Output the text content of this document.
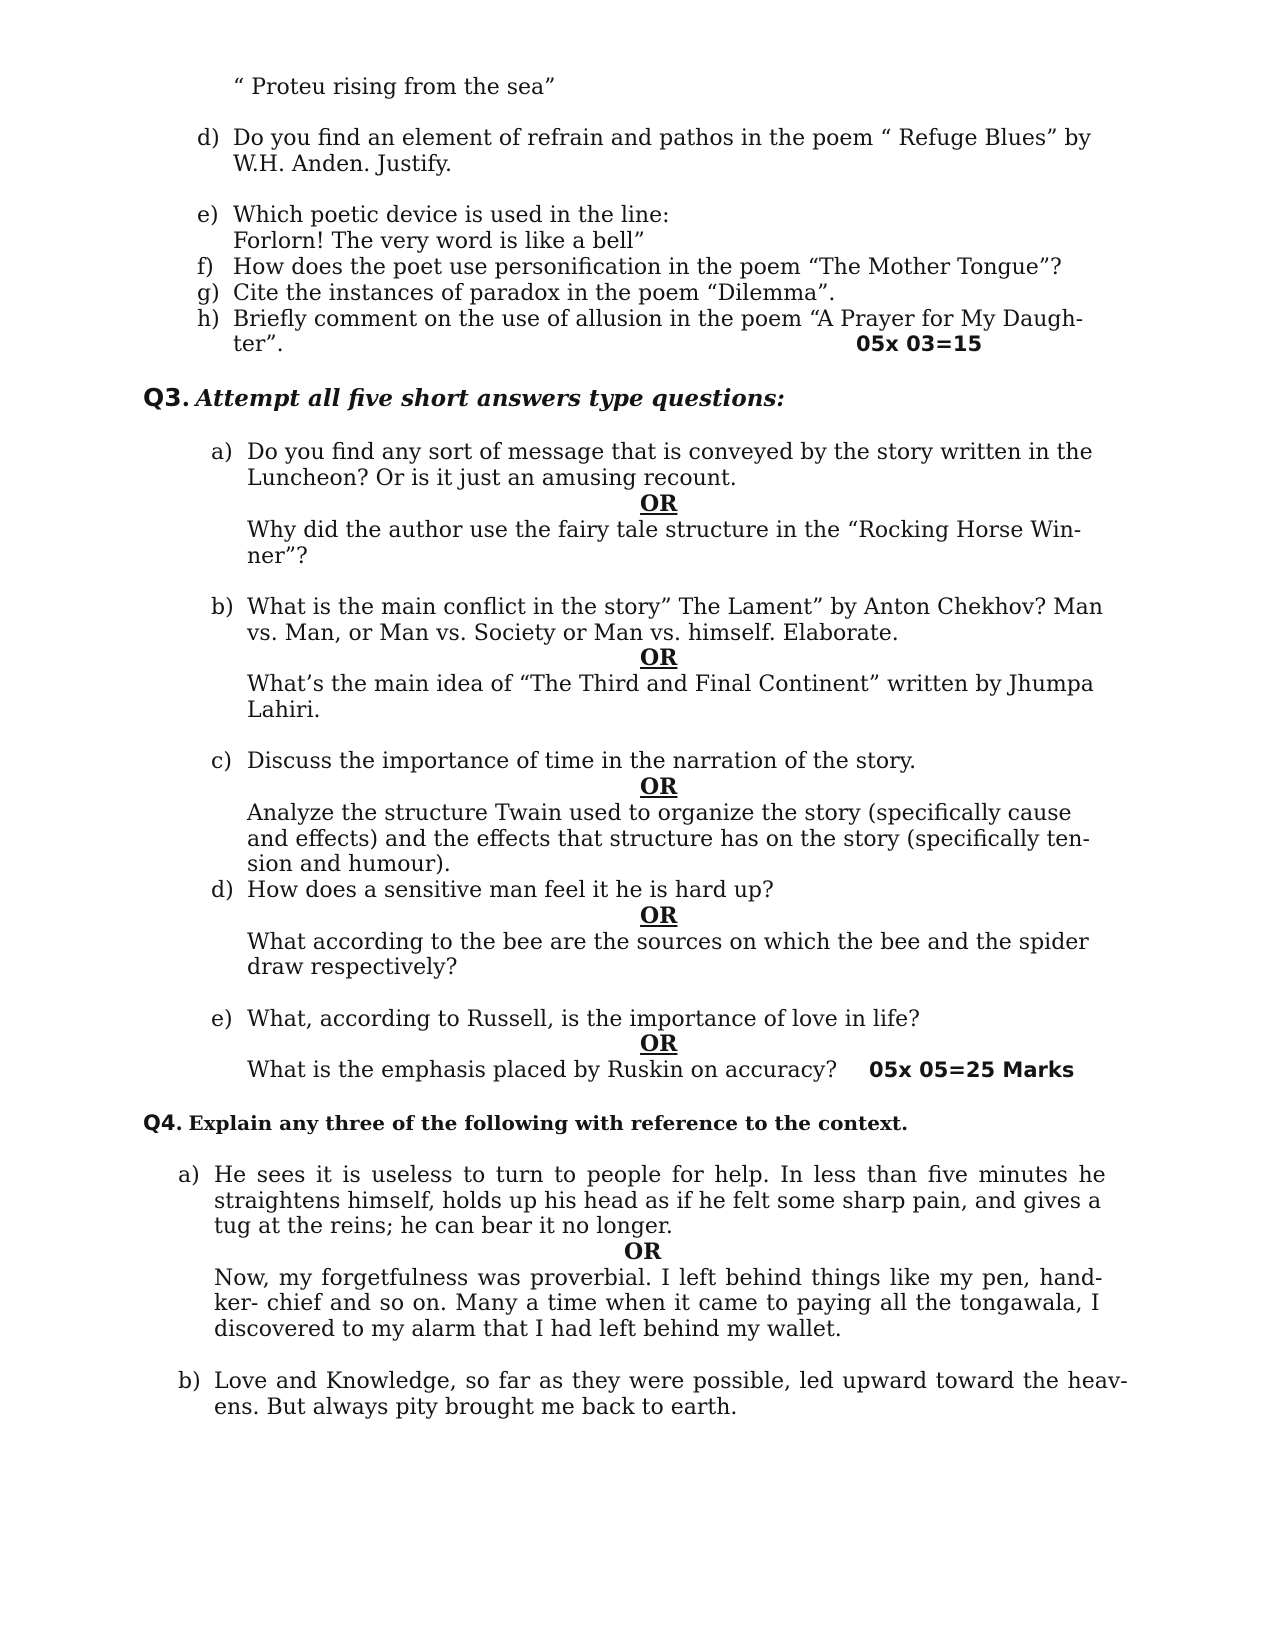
“ Proteu rising from the sea”
d) Do you find an element of refrain and pathos in the poem “ Refuge Blues” by
W.H. Anden. Justify.
e) Which poetic device is used in the line:
Forlorn! The very word is like a bell”
f) How does the poet use personification in the poem “The Mother Tongue”?
g) Cite the instances of paradox in the poem “Dilemma”.
h) Briefly comment on the use of allusion in the poem “A Prayer for My Daugh-
ter”.	05x 03=15
Q3. Attempt all five short answers type questions:
a) Do you find any sort of message that is conveyed by the story written in the
Luncheon? Or is it just an amusing recount.
OR
Why did the author use the fairy tale structure in the “Rocking Horse Win-
ner”?
b) What is the main conflict in the story” The Lament” by Anton Chekhov? Man
vs. Man, or Man vs. Society or Man vs. himself. Elaborate.
OR
What’s the main idea of “The Third and Final Continent” written by Jhumpa
Lahiri.
c) Discuss the importance of time in the narration of the story.
OR
Analyze the structure Twain used to organize the story (specifically cause
and effects) and the effects that structure has on the story (specifically ten-
sion and humour).
d) How does a sensitive man feel it he is hard up?
OR
What according to the bee are the sources on which the bee and the spider
draw respectively?
e) What, according to Russell, is the importance of love in life?
OR
What is the emphasis placed by Ruskin on accuracy? 05x 05=25 Marks
Q4. Explain any three of the following with reference to the context.
a) He sees it is useless to turn to people for help. In less than five minutes he
straightens himself, holds up his head as if he felt some sharp pain, and gives a
tug at the reins; he can bear it no longer.
OR
Now, my forgetfulness was proverbial. I left behind things like my pen, hand-
ker- chief and so on. Many a time when it came to paying all the tongawala, I
discovered to my alarm that I had left behind my wallet.
b) Love and Knowledge, so far as they were possible, led upward toward the heav-
ens. But always pity brought me back to earth.
